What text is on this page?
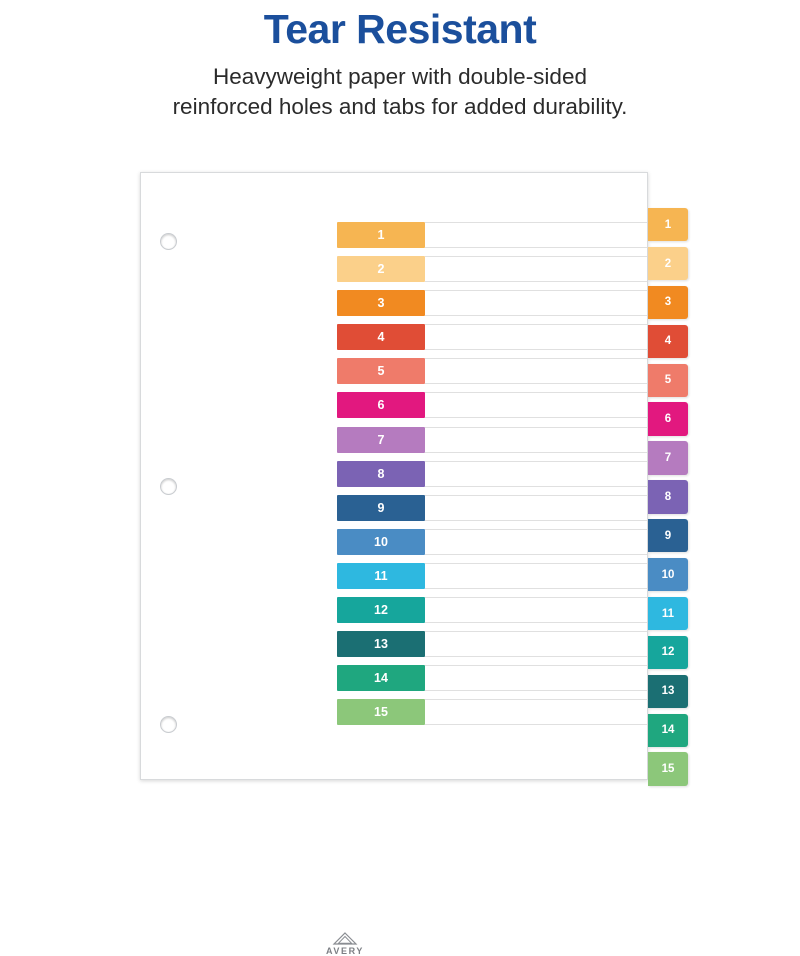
Tear Resistant
Heavyweight paper with double-sided
reinforced holes and tabs for added durability.
1
2
3
4
5
6
7
8
9
10
11
12
13
14
15
1
2
3
4
5
6
7
8
9
10
11
12
13
14
15
AVERY
